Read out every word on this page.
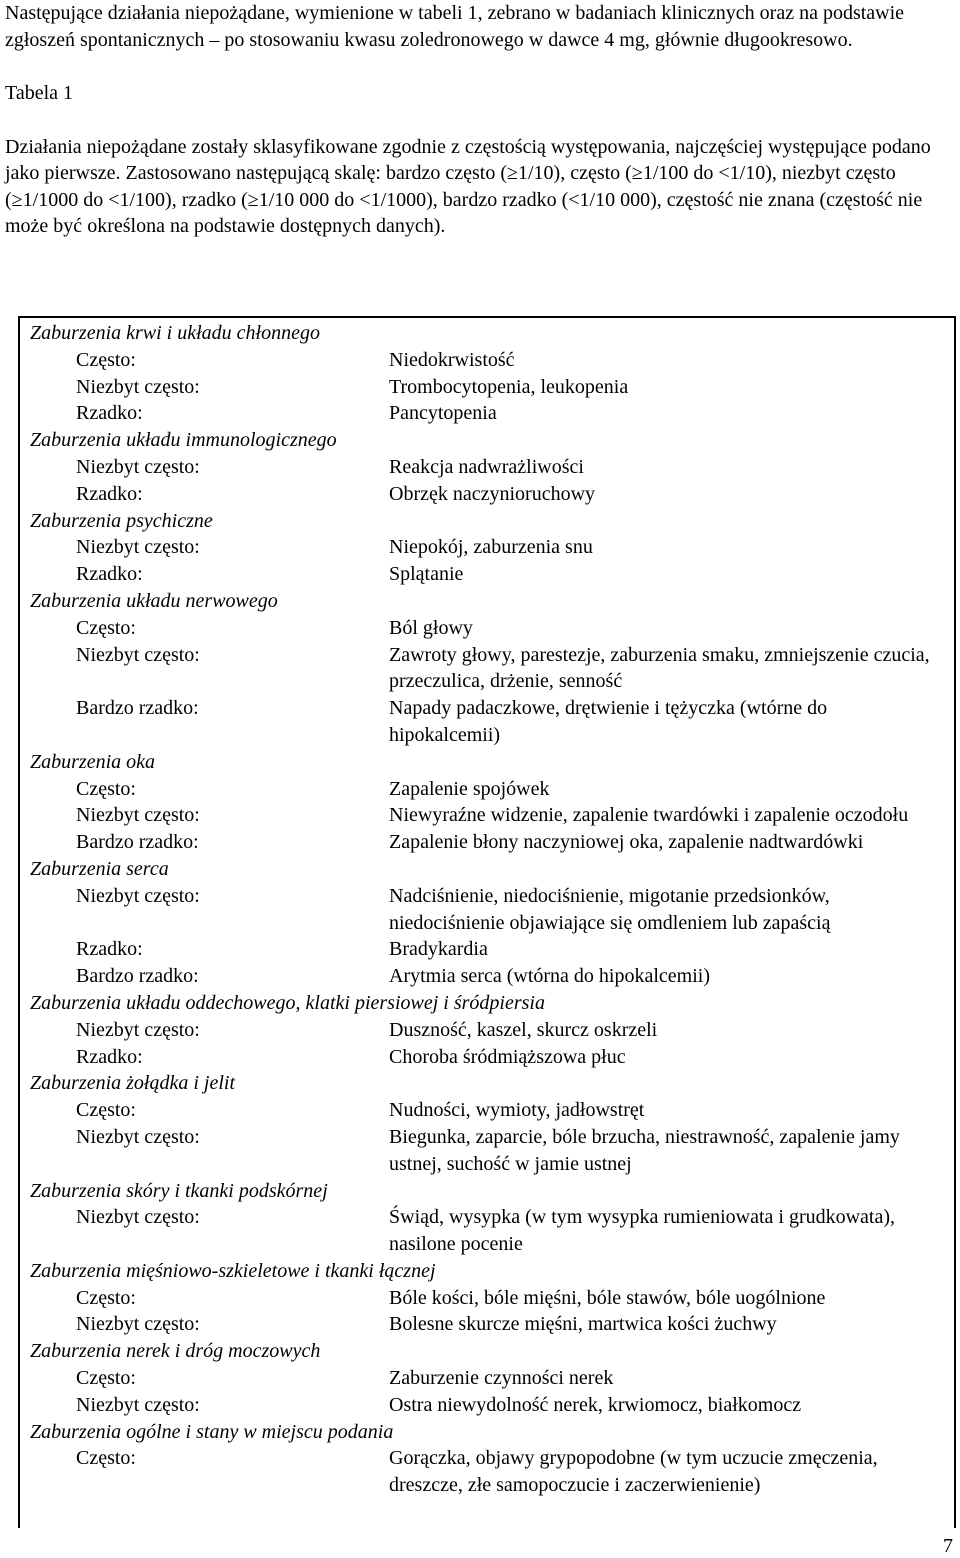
Następujące działania niepożądane, wymienione w tabeli 1, zebrano w badaniach klinicznych oraz na podstawie zgłoszeń spontanicznych – po stosowaniu kwasu zoledronowego w dawce 4 mg, głównie długookresowo.

Tabela 1

Działania niepożądane zostały sklasyfikowane zgodnie z częstością występowania, najczęściej występujące podano jako pierwsze. Zastosowano następującą skalę: bardzo często (≥1/10), często (≥1/100 do <1/10), niezbyt często (≥1/1000 do <1/100), rzadko (≥1/10 000 do <1/1000), bardzo rzadko (<1/10 000), częstość nie znana (częstość nie może być określona na podstawie dostępnych danych).

Zaburzenia krwi i układu chłonnego
Często:	Niedokrwistość
Niezbyt często:	Trombocytopenia, leukopenia
Rzadko:	Pancytopenia
Zaburzenia układu immunologicznego
Niezbyt często:	Reakcja nadwrażliwości
Rzadko:	Obrzęk naczynioruchowy
Zaburzenia psychiczne
Niezbyt często:	Niepokój, zaburzenia snu
Rzadko:	Splątanie
Zaburzenia układu nerwowego
Często:	Ból głowy
Niezbyt często:	Zawroty głowy, parestezje, zaburzenia smaku, zmniejszenie czucia, przeczulica, drżenie, senność
Bardzo rzadko:	Napady padaczkowe, drętwienie i tężyczka (wtórne do hipokalcemii)
Zaburzenia oka
Często:	Zapalenie spojówek
Niezbyt często:	Niewyraźne widzenie, zapalenie twardówki i zapalenie oczodołu
Bardzo rzadko:	Zapalenie błony naczyniowej oka, zapalenie nadtwardówki
Zaburzenia serca
Niezbyt często:	Nadciśnienie, niedociśnienie, migotanie przedsionków, niedociśnienie objawiające się omdleniem lub zapaścią
Rzadko:	Bradykardia
Bardzo rzadko:	Arytmia serca (wtórna do hipokalcemii)
Zaburzenia układu oddechowego, klatki piersiowej i śródpiersia
Niezbyt często:	Duszność, kaszel, skurcz oskrzeli
Rzadko:	Choroba śródmiąższowa płuc
Zaburzenia żołądka i jelit
Często:	Nudności, wymioty, jadłowstręt
Niezbyt często:	Biegunka, zaparcie, bóle brzucha, niestrawność, zapalenie jamy ustnej, suchość w jamie ustnej
Zaburzenia skóry i tkanki podskórnej
Niezbyt często:	Świąd, wysypka (w tym wysypka rumieniowata i grudkowata), nasilone pocenie
Zaburzenia mięśniowo-szkieletowe i tkanki łącznej
Często:	Bóle kości, bóle mięśni, bóle stawów, bóle uogólnione
Niezbyt często:	Bolesne skurcze mięśni, martwica kości żuchwy
Zaburzenia nerek i dróg moczowych
Często:	Zaburzenie czynności nerek
Niezbyt często:	Ostra niewydolność nerek, krwiomocz, białkomocz
Zaburzenia ogólne i stany w miejscu podania
Często:	Gorączka, objawy grypopodobne (w tym uczucie zmęczenia, dreszcze, złe samopoczucie i zaczerwienienie)
7
